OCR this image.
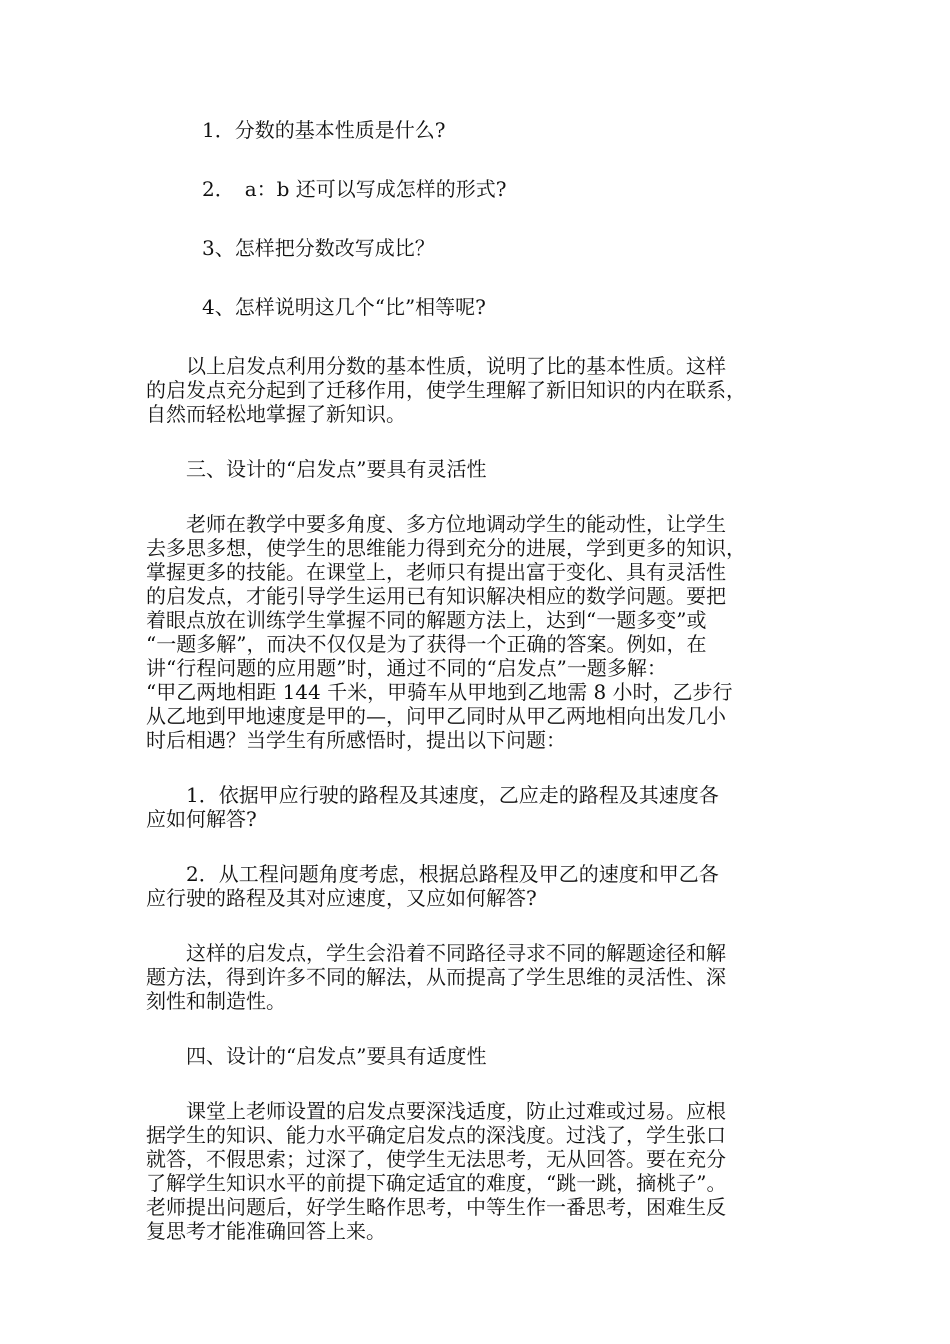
1．分数的基本性质是什么?

2．　a：b 还可以写成怎样的形式?

3、怎样把分数改写成比？

4、怎样说明这几个“比”相等呢?

　　以上启发点利用分数的基本性质，说明了比的基本性质。这样

的启发点充分起到了迁移作用，使学生理解了新旧知识的内在联系，

自然而轻松地掌握了新知识。

　　三、设计的“启发点”要具有灵活性

　　老师在教学中要多角度、多方位地调动学生的能动性，让学生

去多思多想，使学生的思维能力得到充分的进展，学到更多的知识，

掌握更多的技能。在课堂上，老师只有提出富于变化、具有灵活性

的启发点，才能引导学生运用已有知识解决相应的数学问题。要把

着眼点放在训练学生掌握不同的解题方法上，达到“一题多变”或

“一题多解”，而决不仅仅是为了获得一个正确的答案。例如，在

讲“行程问题的应用题”时，通过不同的“启发点”一题多解：

“甲乙两地相距 144 千米，甲骑车从甲地到乙地需 8 小时，乙步行

从乙地到甲地速度是甲的—，问甲乙同时从甲乙两地相向出发几小

时后相遇？当学生有所感悟时，提出以下问题：

　　1．依据甲应行驶的路程及其速度，乙应走的路程及其速度各

应如何解答?

　　2．从工程问题角度考虑，根据总路程及甲乙的速度和甲乙各

应行驶的路程及其对应速度，又应如何解答?

　　这样的启发点，学生会沿着不同路径寻求不同的解题途径和解

题方法，得到许多不同的解法，从而提高了学生思维的灵活性、深

刻性和制造性。

　　四、设计的“启发点”要具有适度性

　　课堂上老师设置的启发点要深浅适度，防止过难或过易。应根

据学生的知识、能力水平确定启发点的深浅度。过浅了，学生张口

就答，不假思索；过深了，使学生无法思考，无从回答。要在充分

了解学生知识水平的前提下确定适宜的难度，“跳一跳，摘桃子”。

老师提出问题后，好学生略作思考，中等生作一番思考，困难生反

复思考才能准确回答上来。
